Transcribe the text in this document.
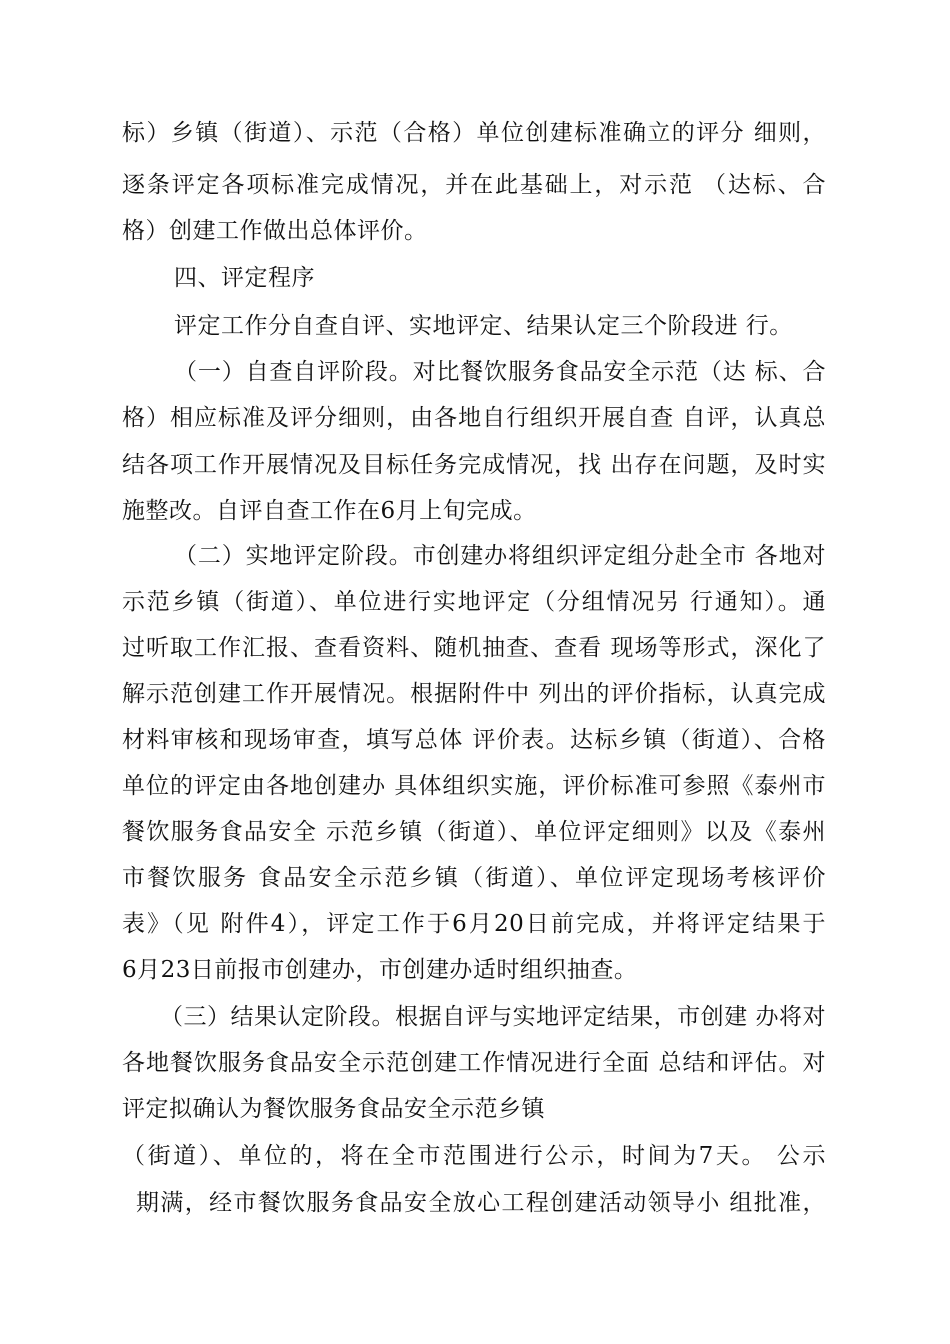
标）乡镇（街道）、示范（合格）单位创建标准确立的评分 细则，
逐条评定各项标准完成情况，并在此基础上，对示范 （达标、合
格）创建工作做出总体评价。
四、评定程序
评定工作分自查自评、实地评定、结果认定三个阶段进 行。
（一）自查自评阶段。对比餐饮服务食品安全示范（达 标、合
格）相应标准及评分细则，由各地自行组织开展自查 自评，认真总
结各项工作开展情况及目标任务完成情况，找 出存在问题，及时实
施整改。自评自查工作在6月上旬完成。
（二）实地评定阶段。市创建办将组织评定组分赴全市 各地对
示范乡镇（街道）、单位进行实地评定（分组情况另 行通知）。通
过听取工作汇报、查看资料、随机抽查、查看 现场等形式，深化了
解示范创建工作开展情况。根据附件中 列出的评价指标，认真完成
材料审核和现场审查，填写总体 评价表。达标乡镇（街道）、合格
单位的评定由各地创建办 具体组织实施，评价标准可参照《泰州市
餐饮服务食品安全 示范乡镇（街道）、单位评定细则》以及《泰州
市餐饮服务 食品安全示范乡镇（街道）、单位评定现场考核评价
表》（见 附件4），评定工作于6月20日前完成，并将评定结果于
6月23日前报市创建办，市创建办适时组织抽查。
（三）结果认定阶段。根据自评与实地评定结果，市创建 办将对
各地餐饮服务食品安全示范创建工作情况进行全面 总结和评估。对
评定拟确认为餐饮服务食品安全示范乡镇
（街道）、单位的，将在全市范围进行公示，时间为7天。 公示
期满，经市餐饮服务食品安全放心工程创建活动领导小 组批准，
